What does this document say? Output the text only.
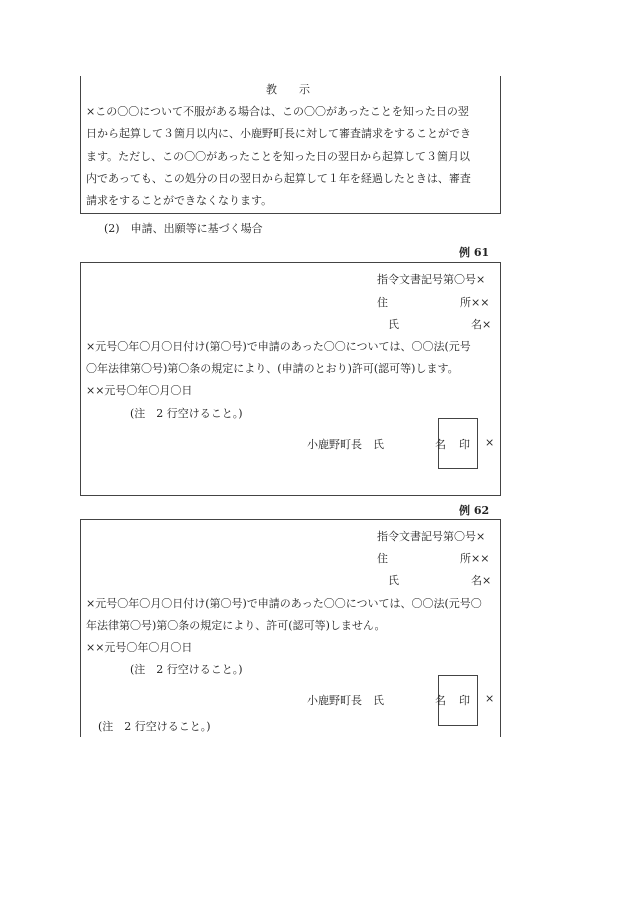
教　　示
×この〇〇について不服がある場合は、この〇〇があったことを知った日の翌
日から起算して３箇月以内に、小鹿野町長に対して審査請求をすることができ
ます。ただし、この〇〇があったことを知った日の翌日から起算して３箇月以
内であっても、この処分の日の翌日から起算して１年を経過したときは、審査
請求をすることができなくなります。
(2)　申請、出願等に基づく場合
例 61
指令文書記号第〇号×
住	所××
氏	名×
×元号〇年〇月〇日付け(第〇号)で申請のあった〇〇については、〇〇法(元号
〇年法律第〇号)第〇条の規定により、(申請のとおり)許可(認可等)します。
××元号〇年〇月〇日
(注　2 行空けること。)
小鹿野町長　氏	名 印 ×
例 62
指令文書記号第〇号×
住	所××
氏	名×
×元号〇年〇月〇日付け(第〇号)で申請のあった〇〇については、〇〇法(元号〇
年法律第〇号)第〇条の規定により、許可(認可等)しません。
××元号〇年〇月〇日
(注　2 行空けること。)
小鹿野町長　氏	名 印 ×
(注　2 行空けること。)
